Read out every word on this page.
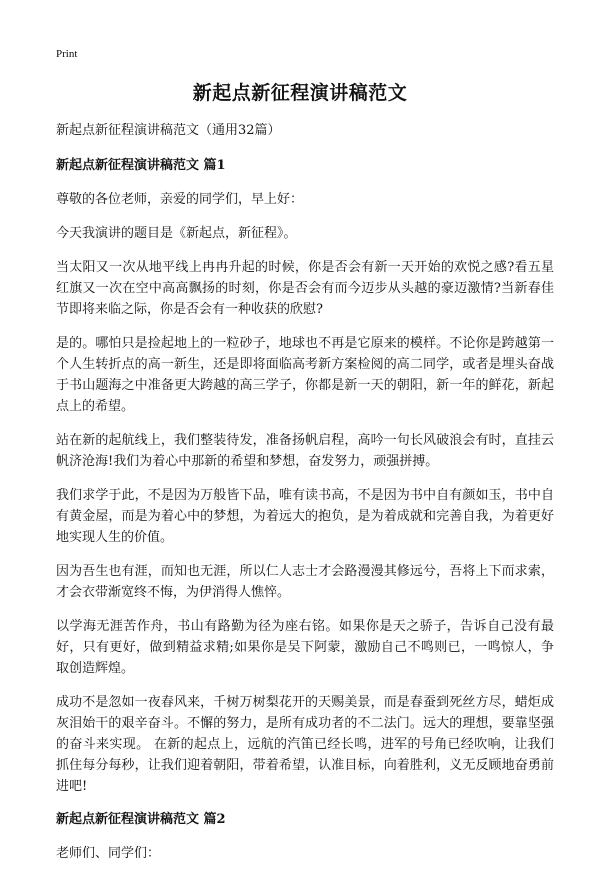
Print
新起点新征程演讲稿范文
新起点新征程演讲稿范文（通用32篇）
新起点新征程演讲稿范文 篇1

尊敬的各位老师，亲爱的同学们，早上好：

今天我演讲的题目是《新起点，新征程》。

当太阳又一次从地平线上冉冉升起的时候，你是否会有新一天开始的欢悦之感?看五星红旗又一次在空中高高飘扬的时刻，你是否会有而今迈步从头越的豪迈激情?当新春佳节即将来临之际，你是否会有一种收获的欣慰?

是的。哪怕只是捡起地上的一粒砂子，地球也不再是它原来的模样。不论你是跨越第一个人生转折点的高一新生，还是即将面临高考新方案检阅的高二同学，或者是埋头奋战于书山题海之中准备更大跨越的高三学子，你都是新一天的朝阳，新一年的鲜花，新起点上的希望。

站在新的起航线上，我们整装待发，准备扬帆启程，高吟一句长风破浪会有时，直挂云帆济沧海!我们为着心中那新的希望和梦想，奋发努力，顽强拼搏。

我们求学于此，不是因为万般皆下品，唯有读书高，不是因为书中自有颜如玉，书中自有黄金屋，而是为着心中的梦想，为着远大的抱负，是为着成就和完善自我，为着更好地实现人生的价值。

因为吾生也有涯，而知也无涯，所以仁人志士才会路漫漫其修远兮，吾将上下而求索，才会衣带渐宽终不悔，为伊消得人憔悴。

以学海无涯苦作舟，书山有路勤为径为座右铭。如果你是天之骄子，告诉自己没有最好，只有更好，做到精益求精;如果你是吴下阿蒙，激励自己不鸣则已，一鸣惊人，争取创造辉煌。

成功不是忽如一夜春风来，千树万树梨花开的天赐美景，而是春蚕到死丝方尽，蜡炬成灰泪始干的艰辛奋斗。不懈的努力，是所有成功者的不二法门。远大的理想，要靠坚强的奋斗来实现。 在新的起点上，远航的汽笛已经长鸣，进军的号角已经吹响，让我们抓住每分每秒，让我们迎着朝阳，带着希望，认准目标，向着胜利，义无反顾地奋勇前进吧!

新起点新征程演讲稿范文 篇2

老师们、同学们：
